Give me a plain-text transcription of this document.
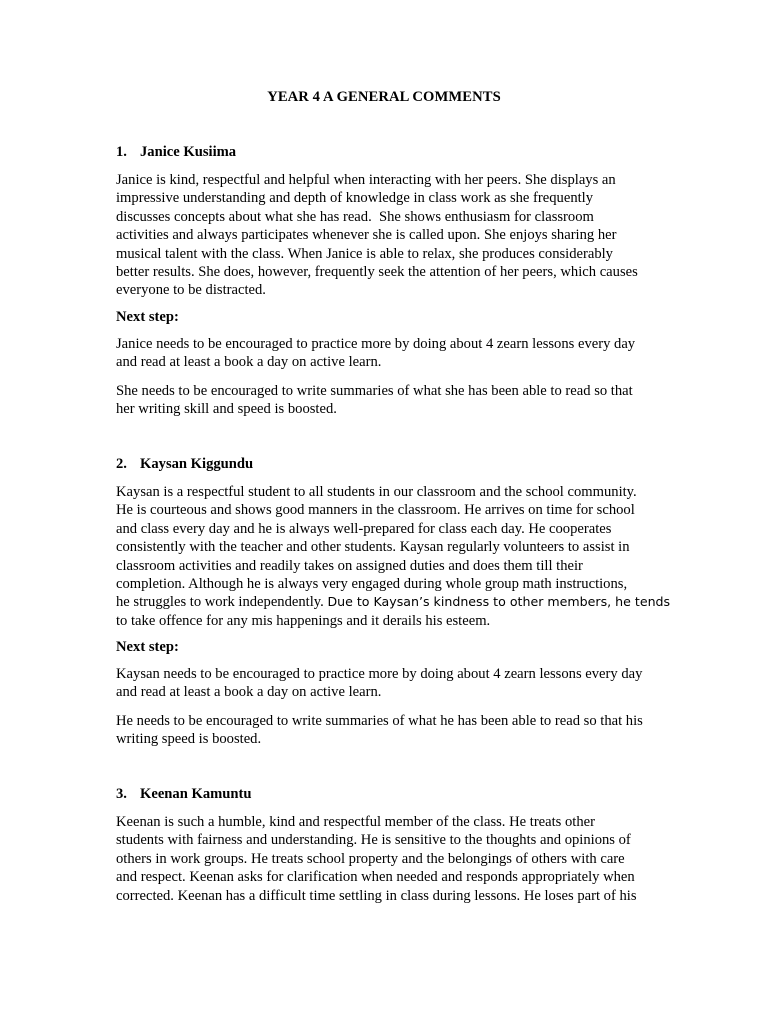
YEAR 4 A GENERAL COMMENTS
1. Janice Kusiima
Janice is kind, respectful and helpful when interacting with her peers. She displays an
impressive understanding and depth of knowledge in class work as she frequently
discusses concepts about what she has read.  She shows enthusiasm for classroom
activities and always participates whenever she is called upon. She enjoys sharing her
musical talent with the class. When Janice is able to relax, she produces considerably
better results. She does, however, frequently seek the attention of her peers, which causes
everyone to be distracted.
Next step:
Janice needs to be encouraged to practice more by doing about 4 zearn lessons every day
and read at least a book a day on active learn.
She needs to be encouraged to write summaries of what she has been able to read so that
her writing skill and speed is boosted.
2. Kaysan Kiggundu
Kaysan is a respectful student to all students in our classroom and the school community.
He is courteous and shows good manners in the classroom. He arrives on time for school
and class every day and he is always well-prepared for class each day. He cooperates
consistently with the teacher and other students. Kaysan regularly volunteers to assist in
classroom activities and readily takes on assigned duties and does them till their
completion. Although he is always very engaged during whole group math instructions,
he struggles to work independently. Due to Kaysan’s kindness to other members, he tends
to take offence for any mis happenings and it derails his esteem.
Next step:
Kaysan needs to be encouraged to practice more by doing about 4 zearn lessons every day
and read at least a book a day on active learn.
He needs to be encouraged to write summaries of what he has been able to read so that his
writing speed is boosted.
3. Keenan Kamuntu
Keenan is such a humble, kind and respectful member of the class. He treats other
students with fairness and understanding. He is sensitive to the thoughts and opinions of
others in work groups. He treats school property and the belongings of others with care
and respect. Keenan asks for clarification when needed and responds appropriately when
corrected. Keenan has a difficult time settling in class during lessons. He loses part of his
